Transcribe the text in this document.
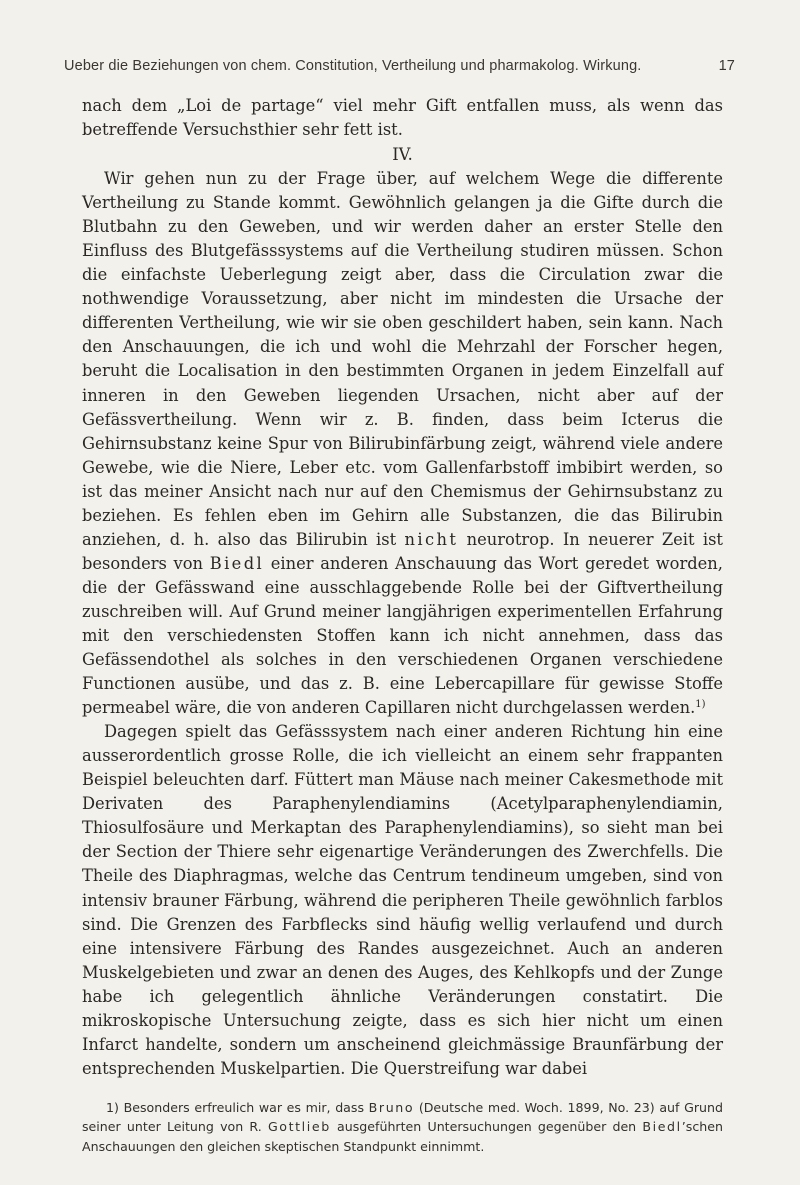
Ueber die Beziehungen von chem. Constitution, Vertheilung und pharmakolog. Wirkung.	17

nach dem „Loi de partage“ viel mehr Gift entfallen muss, als wenn das betreffende Versuchsthier sehr fett ist.

IV.

Wir gehen nun zu der Frage über, auf welchem Wege die differente Vertheilung zu Stande kommt. Gewöhnlich gelangen ja die Gifte durch die Blutbahn zu den Geweben, und wir werden daher an erster Stelle den Einfluss des Blutgefässsystems auf die Vertheilung studiren müssen. Schon die einfachste Ueberlegung zeigt aber, dass die Circulation zwar die nothwendige Voraussetzung, aber nicht im mindesten die Ursache der differenten Vertheilung, wie wir sie oben geschildert haben, sein kann. Nach den Anschauungen, die ich und wohl die Mehrzahl der Forscher hegen, beruht die Localisation in den bestimmten Organen in jedem Einzelfall auf inneren in den Geweben liegenden Ursachen, nicht aber auf der Gefässvertheilung. Wenn wir z. B. finden, dass beim Icterus die Gehirnsubstanz keine Spur von Bilirubinfärbung zeigt, während viele andere Gewebe, wie die Niere, Leber etc. vom Gallenfarbstoff imbibirt werden, so ist das meiner Ansicht nach nur auf den Chemismus der Gehirnsubstanz zu beziehen. Es fehlen eben im Gehirn alle Substanzen, die das Bilirubin anziehen, d. h. also das Bilirubin ist nicht neurotrop. In neuerer Zeit ist besonders von Biedl einer anderen Anschauung das Wort geredet worden, die der Gefässwand eine ausschlaggebende Rolle bei der Giftvertheilung zuschreiben will. Auf Grund meiner langjährigen experimentellen Erfahrung mit den verschiedensten Stoffen kann ich nicht annehmen, dass das Gefässendothel als solches in den verschiedenen Organen verschiedene Functionen ausübe, und das z. B. eine Lebercapillare für gewisse Stoffe permeabel wäre, die von anderen Capillaren nicht durchgelassen werden.$^{1)}$

Dagegen spielt das Gefässsystem nach einer anderen Richtung hin eine ausserordentlich grosse Rolle, die ich vielleicht an einem sehr frappanten Beispiel beleuchten darf. Füttert man Mäuse nach meiner Cakesmethode mit Derivaten des Paraphenylendiamins (Acetylparaphenylendiamin, Thiosulfosäure und Merkaptan des Paraphenylendiamins), so sieht man bei der Section der Thiere sehr eigenartige Veränderungen des Zwerchfells. Die Theile des Diaphragmas, welche das Centrum tendineum umgeben, sind von intensiv brauner Färbung, während die peripheren Theile gewöhnlich farblos sind. Die Grenzen des Farbflecks sind häufig wellig verlaufend und durch eine intensivere Färbung des Randes ausgezeichnet. Auch an anderen Muskelgebieten und zwar an denen des Auges, des Kehlkopfs und der Zunge habe ich gelegentlich ähnliche Veränderungen constatirt. Die mikroskopische Untersuchung zeigte, dass es sich hier nicht um einen Infarct handelte, sondern um anscheinend gleichmässige Braunfärbung der entsprechenden Muskelpartien. Die Querstreifung war dabei

1) Besonders erfreulich war es mir, dass Bruno (Deutsche med. Woch. 1899, No. 23) auf Grund seiner unter Leitung von R. Gottlieb ausgeführten Untersuchungen gegenüber den Biedl’schen Anschauungen den gleichen skeptischen Standpunkt einnimmt.
